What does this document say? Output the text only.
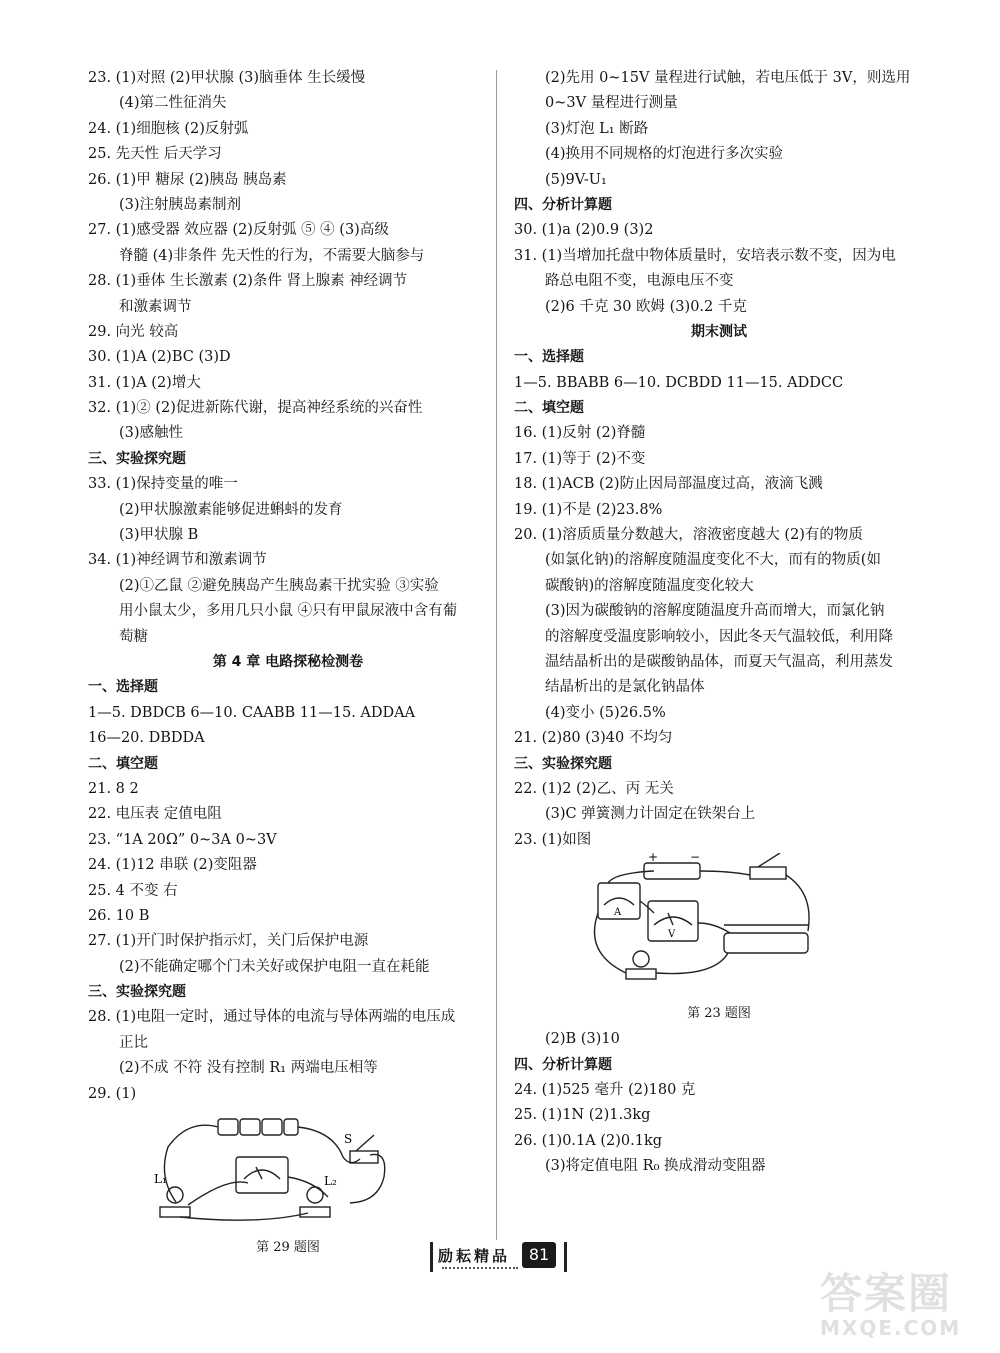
23. (1)对照 (2)甲状腺 (3)脑垂体 生长缓慢
(4)第二性征消失
24. (1)细胞核 (2)反射弧
25. 先天性 后天学习
26. (1)甲 糖尿 (2)胰岛 胰岛素
(3)注射胰岛素制剂
27. (1)感受器 效应器 (2)反射弧 ⑤ ④ (3)高级
脊髓 (4)非条件 先天性的行为，不需要大脑参与
28. (1)垂体 生长激素 (2)条件 肾上腺素 神经调节
和激素调节
29. 向光 较高
30. (1)A (2)BC (3)D
31. (1)A (2)增大
32. (1)② (2)促进新陈代谢，提高神经系统的兴奋性
(3)感触性
三、实验探究题
33. (1)保持变量的唯一
(2)甲状腺激素能够促进蝌蚪的发育
(3)甲状腺 B
34. (1)神经调节和激素调节
(2)①乙鼠 ②避免胰岛产生胰岛素干扰实验 ③实验
用小鼠太少，多用几只小鼠 ④只有甲鼠尿液中含有葡
萄糖
第 4 章 电路探秘检测卷
一、选择题
1—5. DBDCB 6—10. CAABB 11—15. ADDAA
16—20. DBDDA
二、填空题
21. 8 2
22. 电压表 定值电阻
23. “1A 20Ω” 0~3A 0~3V
24. (1)12 串联 (2)变阻器
25. 4 不变 右
26. 10 B
27. (1)开门时保护指示灯，关门后保护电源
(2)不能确定哪个门未关好或保护电阻一直在耗能
三、实验探究题
28. (1)电阻一定时，通过导体的电流与导体两端的电压成
正比
(2)不成 不符 没有控制 R₁ 两端电压相等
29. (1)
L₁	L₂
S
第 29 题图
(2)先用 0~15V 量程进行试触，若电压低于 3V，则选用
0~3V 量程进行测量
(3)灯泡 L₁ 断路
(4)换用不同规格的灯泡进行多次实验
(5)9V-U₁
四、分析计算题
30. (1)a (2)0.9 (3)2
31. (1)当增加托盘中物体质量时，安培表示数不变，因为电
路总电阻不变，电源电压不变
(2)6 千克 30 欧姆 (3)0.2 千克
期末测试
一、选择题
1—5. BBABB 6—10. DCBDD 11—15. ADDCC
二、填空题
16. (1)反射 (2)脊髓
17. (1)等于 (2)不变
18. (1)ACB (2)防止因局部温度过高，液滴飞溅
19. (1)不是 (2)23.8%
20. (1)溶质质量分数越大，溶液密度越大 (2)有的物质
(如氯化钠)的溶解度随温度变化不大，而有的物质(如
碳酸钠)的溶解度随温度变化较大
(3)因为碳酸钠的溶解度随温度升高而增大，而氯化钠
的溶解度受温度影响较小，因此冬天气温较低，利用降
温结晶析出的是碳酸钠晶体，而夏天气温高，利用蒸发
结晶析出的是氯化钠晶体
(4)变小 (5)26.5%
21. (2)80 (3)40 不均匀
三、实验探究题
22. (1)2 (2)乙、丙 无关
(3)C 弹簧测力计固定在铁架台上
23. (1)如图
A
V
+	−
第 23 题图
(2)B (3)10
四、分析计算题
24. (1)525 毫升 (2)180 克
25. (1)1N (2)1.3kg
26. (1)0.1A (2)0.1kg
(3)将定值电阻 R₀ 换成滑动变阻器
励耘精品	81
答案圈
MXQE.COM
